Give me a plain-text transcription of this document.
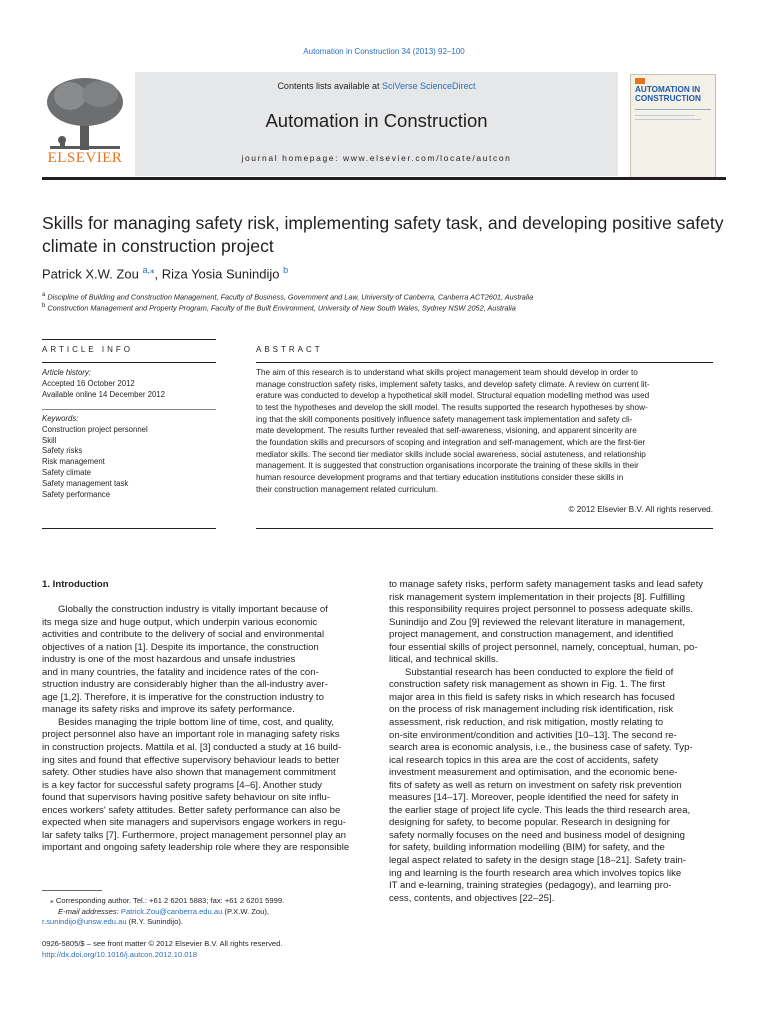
Automation in Construction 34 (2013) 92–100
ELSEVIER
Contents lists available at SciVerse ScienceDirect
Automation in Construction
journal homepage: www.elsevier.com/locate/autcon
AUTOMATION IN CONSTRUCTION
Skills for managing safety risk, implementing safety task, and developing positive safety climate in construction project
Patrick X.W. Zou $^{a,⁎}$, Riza Yosia Sunindijo $^b$
$^a$ Discipline of Building and Construction Management, Faculty of Business, Government and Law, University of Canberra, Canberra ACT2601, Australia
$^b$ Construction Management and Property Program, Faculty of the Built Environment, University of New South Wales, Sydney NSW 2052, Australia
ARTICLE INFO
Article history:
Accepted 16 October 2012
Available online 14 December 2012
Keywords:
Construction project personnel
Skill
Safety risks
Risk management
Safety climate
Safety management task
Safety performance
ABSTRACT
The aim of this research is to understand what skills project management team should develop in order to
manage construction safety risks, implement safety tasks, and develop safety climate. A review on current lit-
erature was conducted to develop a hypothetical skill model. Structural equation modelling method was used
to test the hypotheses and develop the skill model. The results supported the research hypotheses by show-
ing that the skill components positively influence safety management task implementation and safety cli-
mate development. The results further revealed that self-awareness, visioning, and apparent sincerity are
the foundation skills and precursors of scoping and integration and self-management, which are the first-tier
mediator skills. The second tier mediator skills include social awareness, social astuteness, and relationship
management. It is suggested that construction organisations incorporate the training of these skills in their
human resource development programs and that tertiary education institutions consider these skills in
their construction management related curriculum.
© 2012 Elsevier B.V. All rights reserved.
1. Introduction
Globally the construction industry is vitally important because of
its mega size and huge output, which underpin various economic
activities and contribute to the delivery of social and environmental
objectives of a nation [1]. Despite its importance, the construction
industry is one of the most hazardous and unsafe industries
and in many countries, the fatality and incidence rates of the con-
struction industry are considerably higher than the all-industry aver-
age [1,2]. Therefore, it is imperative for the construction industry to
manage its safety risks and improve its safety performance.
Besides managing the triple bottom line of time, cost, and quality,
project personnel also have an important role in managing safety risks
in construction projects. Mattila et al. [3] conducted a study at 16 build-
ing sites and found that effective supervisory behaviour leads to better
safety. Other studies have also shown that management commitment
is a key factor for successful safety programs [4–6]. Another study
found that supervisors having positive safety behaviour on site influ-
ences workers' safety attitudes. Better safety performance can also be
expected when site managers and supervisors engage workers in regu-
lar safety talks [7]. Furthermore, project management personnel play an
important and ongoing safety leadership role where they are responsible
⁎ Corresponding author. Tel.: +61 2 6201 5883; fax: +61 2 6201 5999.
E-mail addresses: Patrick.Zou@canberra.edu.au (P.X.W. Zou),
r.sunindijo@unsw.edu.au (R.Y. Sunindijo).
0926-5805/$ – see front matter © 2012 Elsevier B.V. All rights reserved.
http://dx.doi.org/10.1016/j.autcon.2012.10.018
to manage safety risks, perform safety management tasks and lead safety
risk management system implementation in their projects [8]. Fulfilling
this responsibility requires project personnel to possess adequate skills.
Sunindijo and Zou [9] reviewed the relevant literature in management,
project management, and construction management, and identified
four essential skills of project personnel, namely, conceptual, human, po-
litical, and technical skills.
Substantial research has been conducted to explore the field of
construction safety risk management as shown in Fig. 1. The first
major area in this field is safety risks in which research has focused
on the process of risk management including risk identification, risk
assessment, risk reduction, and risk mitigation, mostly relating to
on-site environment/condition and activities [10–13]. The second re-
search area is economic analysis, i.e., the business case of safety. Typ-
ical research topics in this area are the cost of accidents, safety
investment measurement and optimisation, and the economic bene-
fits of safety as well as return on investment on safety risk prevention
measures [14–17]. Moreover, people identified the need for safety in
the earlier stage of project life cycle. This leads the third research area,
designing for safety, to become popular. Research in designing for
safety normally focuses on the need and business model of designing
for safety, building information modelling (BIM) for safety, and the
legal aspect related to safety in the design stage [18–21]. Safety train-
ing and learning is the fourth research area which involves topics like
IT and e-learning, training strategies (pedagogy), and learning pro-
cess, contents, and objectives [22–25].
